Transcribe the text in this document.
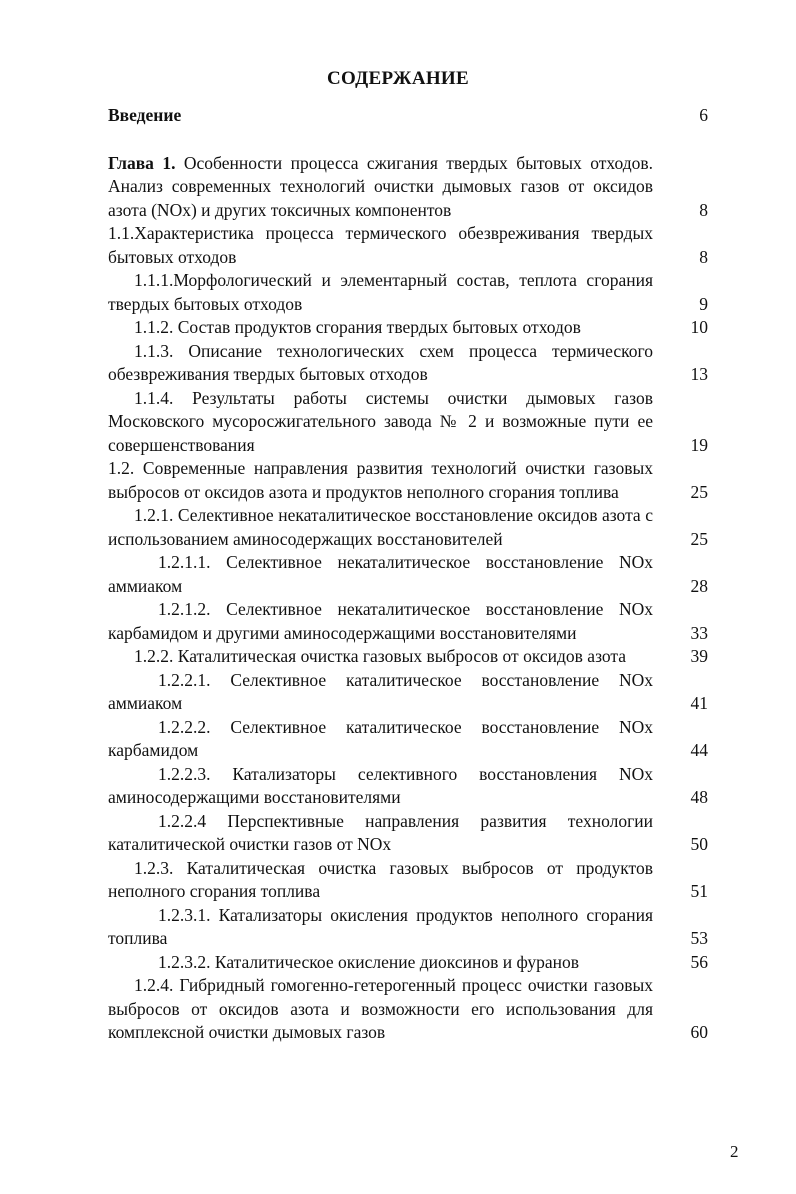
СОДЕРЖАНИЕ
Введение	6
Глава 1. Особенности процесса сжигания твердых бытовых отходов. Анализ современных технологий очистки дымовых газов от оксидов азота (NOx) и других токсичных компонентов	8
1.1.Характеристика процесса термического обезвреживания твердых бытовых отходов	8
1.1.1.Морфологический и элементарный состав, теплота сгорания твердых бытовых отходов	9
1.1.2. Состав продуктов сгорания твердых бытовых отходов	10
1.1.3. Описание технологических схем процесса термического обезвреживания твердых бытовых отходов	13
1.1.4. Результаты работы системы очистки дымовых газов Московского мусоросжигательного завода № 2 и возможные пути ее совершенствования	19
1.2. Современные направления развития технологий очистки газовых выбросов от оксидов азота и продуктов неполного сгорания топлива	25
1.2.1. Селективное некаталитическое восстановление оксидов азота с использованием аминосодержащих восстановителей	25
1.2.1.1. Селективное некаталитическое восстановление NOx аммиаком	28
1.2.1.2. Селективное некаталитическое восстановление NOx карбамидом и другими аминосодержащими восстановителями	33
1.2.2. Каталитическая очистка газовых выбросов от оксидов азота	39
1.2.2.1. Селективное каталитическое восстановление NOx аммиаком	41
1.2.2.2. Селективное каталитическое восстановление NOx карбамидом	44
1.2.2.3. Катализаторы селективного восстановления NOx аминосодержащими восстановителями	48
1.2.2.4 Перспективные направления развития технологии каталитической очистки газов от NOx	50
1.2.3. Каталитическая очистка газовых выбросов от продуктов неполного сгорания топлива	51
1.2.3.1. Катализаторы окисления продуктов неполного сгорания топлива	53
1.2.3.2. Каталитическое окисление диоксинов и фуранов	56
1.2.4. Гибридный гомогенно-гетерогенный процесс очистки газовых выбросов от оксидов азота и возможности его использования для комплексной очистки дымовых газов	60
2
